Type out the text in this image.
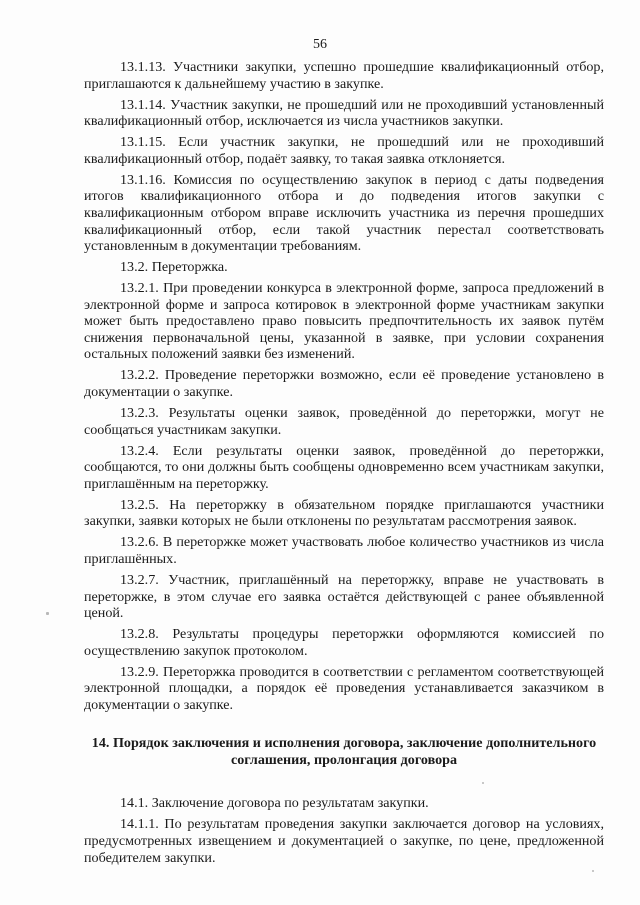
56

13.1.13. Участники закупки, успешно прошедшие квалификационный отбор, приглашаются к дальнейшему участию в закупке.

13.1.14. Участник закупки, не прошедший или не проходивший установленный квалификационный отбор, исключается из числа участников закупки.

13.1.15. Если участник закупки, не прошедший или не проходивший квалификационный отбор, подаёт заявку, то такая заявка отклоняется.

13.1.16. Комиссия по осуществлению закупок в период с даты подведения итогов квалификационного отбора и до подведения итогов закупки с квалификационным отбором вправе исключить участника из перечня прошедших квалификационный отбор, если такой участник перестал соответствовать установленным в документации требованиям.

13.2. Переторжка.

13.2.1. При проведении конкурса в электронной форме, запроса предложений в электронной форме и запроса котировок в электронной форме участникам закупки может быть предоставлено право повысить предпочтительность их заявок путём снижения первоначальной цены, указанной в заявке, при условии сохранения остальных положений заявки без изменений.

13.2.2. Проведение переторжки возможно, если её проведение установлено в документации о закупке.

13.2.3. Результаты оценки заявок, проведённой до переторжки, могут не сообщаться участникам закупки.

13.2.4. Если результаты оценки заявок, проведённой до переторжки, сообщаются, то они должны быть сообщены одновременно всем участникам закупки, приглашённым на переторжку.

13.2.5. На переторжку в обязательном порядке приглашаются участники закупки, заявки которых не были отклонены по результатам рассмотрения заявок.

13.2.6. В переторжке может участвовать любое количество участников из числа приглашённых.

13.2.7. Участник, приглашённый на переторжку, вправе не участвовать в переторжке, в этом случае его заявка остаётся действующей с ранее объявленной ценой.

13.2.8. Результаты процедуры переторжки оформляются комиссией по осуществлению закупок протоколом.

13.2.9. Переторжка проводится в соответствии с регламентом соответствующей электронной площадки, а порядок её проведения устанавливается заказчиком в документации о закупке.

14. Порядок заключения и исполнения договора, заключение дополнительного соглашения, пролонгация договора

14.1. Заключение договора по результатам закупки.

14.1.1. По результатам проведения закупки заключается договор на условиях, предусмотренных извещением и документацией о закупке, по цене, предложенной победителем закупки.
